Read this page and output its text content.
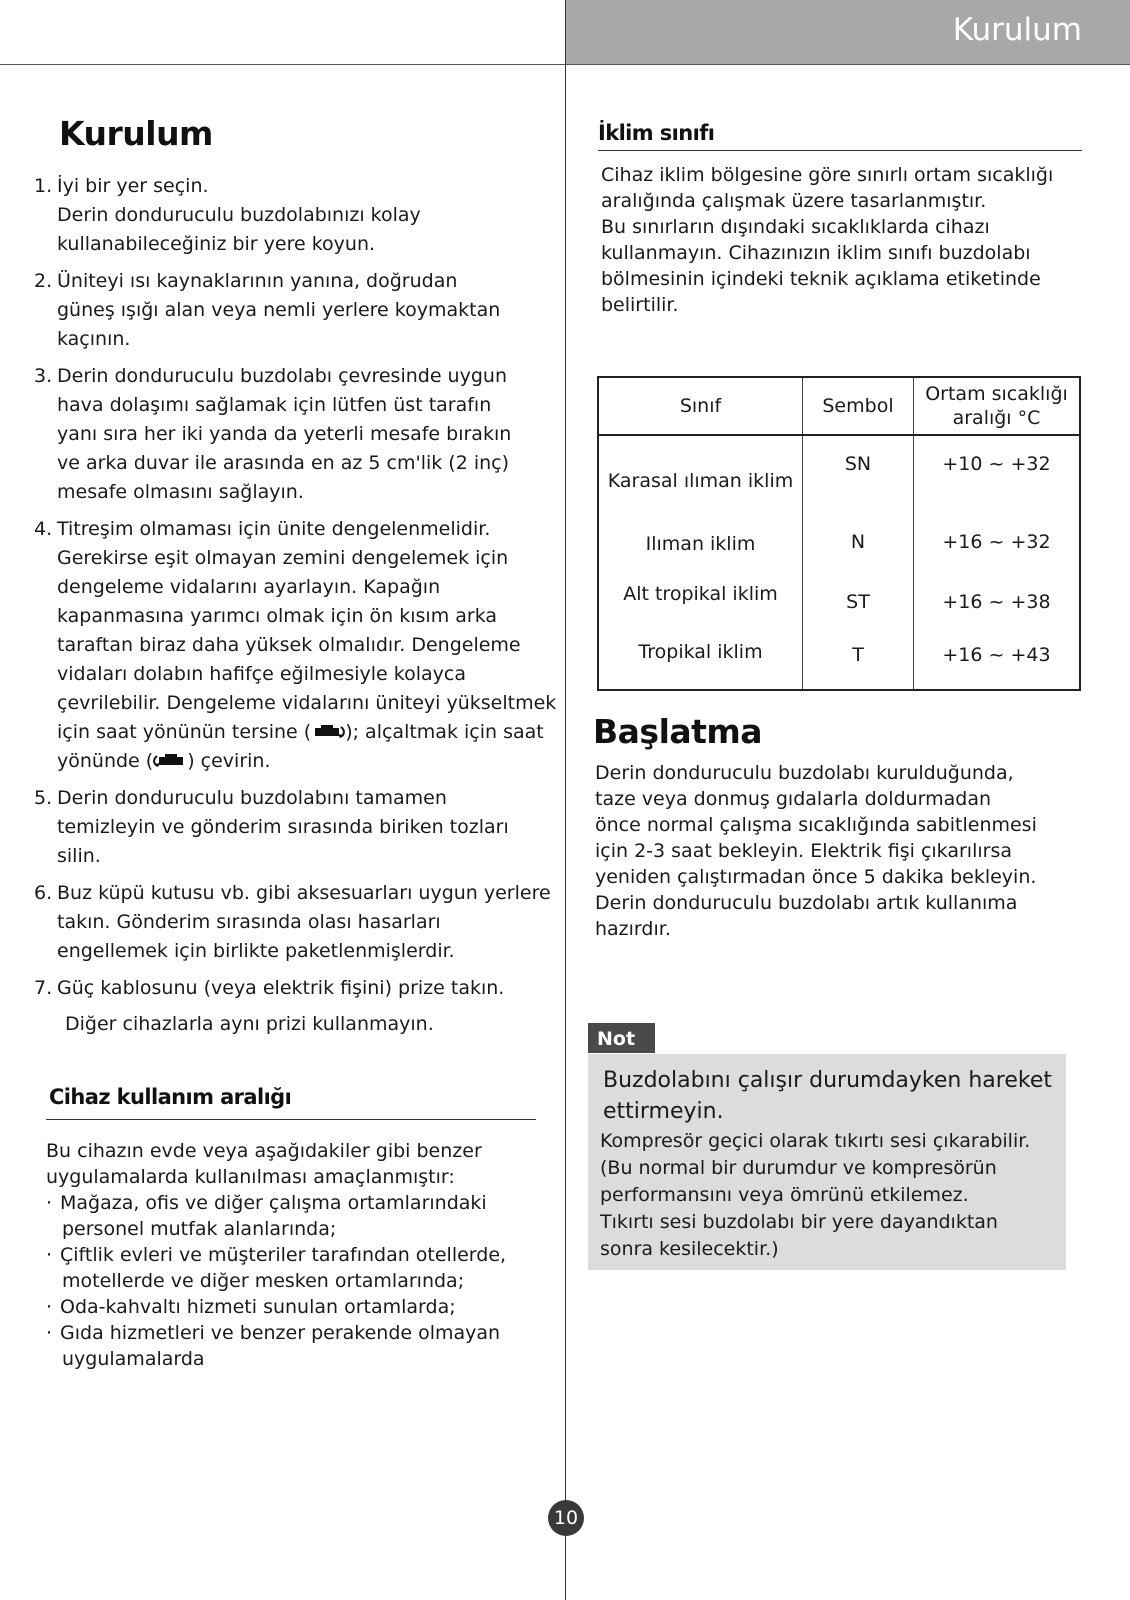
Kurulum
Kurulum
1. İyi bir yer seçin.

Derin donduruculu buzdolabınızı kolay

kullanabileceğiniz bir yere koyun.

2. Üniteyi ısı kaynaklarının yanına, doğrudan

güneş ışığı alan veya nemli yerlere koymaktan

kaçının.

3. Derin donduruculu buzdolabı çevresinde uygun

hava dolaşımı sağlamak için lütfen üst tarafın

yanı sıra her iki yanda da yeterli mesafe bırakın

ve arka duvar ile arasında en az 5 cm'lik (2 inç)

mesafe olmasını sağlayın.

4. Titreşim olmaması için ünite dengelenmelidir.

Gerekirse eşit olmayan zemini dengelemek için

dengeleme vidalarını ayarlayın. Kapağın

kapanmasına yarımcı olmak için ön kısım arka

taraftan biraz daha yüksek olmalıdır. Dengeleme

vidaları dolabın hafifçe eğilmesiyle kolayca

çevrilebilir. Dengeleme vidalarını üniteyi yükseltmek

için saat yönünün tersine ( ); alçaltmak için saat

yönünde ( ) çevirin.

5. Derin donduruculu buzdolabını tamamen

temizleyin ve gönderim sırasında biriken tozları

silin.

6. Buz küpü kutusu vb. gibi aksesuarları uygun yerlere

takın. Gönderim sırasında olası hasarları

engellemek için birlikte paketlenmişlerdir.

7. Güç kablosunu (veya elektrik fişini) prize takın.

Diğer cihazlarla aynı prizi kullanmayın.

Cihaz kullanım aralığı

Bu cihazın evde veya aşağıdakiler gibi benzer

uygulamalarda kullanılması amaçlanmıştır:

· Mağaza, ofis ve diğer çalışma ortamlarındaki

personel mutfak alanlarında;

· Çiftlik evleri ve müşteriler tarafından otellerde,

motellerde ve diğer mesken ortamlarında;

· Oda-kahvaltı hizmeti sunulan ortamlarda;

· Gıda hizmetleri ve benzer perakende olmayan

uygulamalarda

İklim sınıfı

Cihaz iklim bölgesine göre sınırlı ortam sıcaklığı

aralığında çalışmak üzere tasarlanmıştır.

Bu sınırların dışındaki sıcaklıklarda cihazı

kullanmayın. Cihazınızın iklim sınıfı buzdolabı

bölmesinin içindeki teknik açıklama etiketinde

belirtilir.

Sınıf	Sembol	Ortam sıcaklığı aralığı °C
Karasal ılıman iklim	SN	+10 ~ +32
Ilıman iklim	N	+16 ~ +32
Alt tropikal iklim	ST	+16 ~ +38
Tropikal iklim	T	+16 ~ +43
Başlatma

Derin donduruculu buzdolabı kurulduğunda,

taze veya donmuş gıdalarla doldurmadan

önce normal çalışma sıcaklığında sabitlenmesi

için 2-3 saat bekleyin. Elektrik fişi çıkarılırsa

yeniden çalıştırmadan önce 5 dakika bekleyin.

Derin donduruculu buzdolabı artık kullanıma

hazırdır.

Not

Buzdolabını çalışır durumdayken hareket

ettirmeyin.

Kompresör geçici olarak tıkırtı sesi çıkarabilir.

(Bu normal bir durumdur ve kompresörün

performansını veya ömrünü etkilemez.

Tıkırtı sesi buzdolabı bir yere dayandıktan

sonra kesilecektir.)

10
